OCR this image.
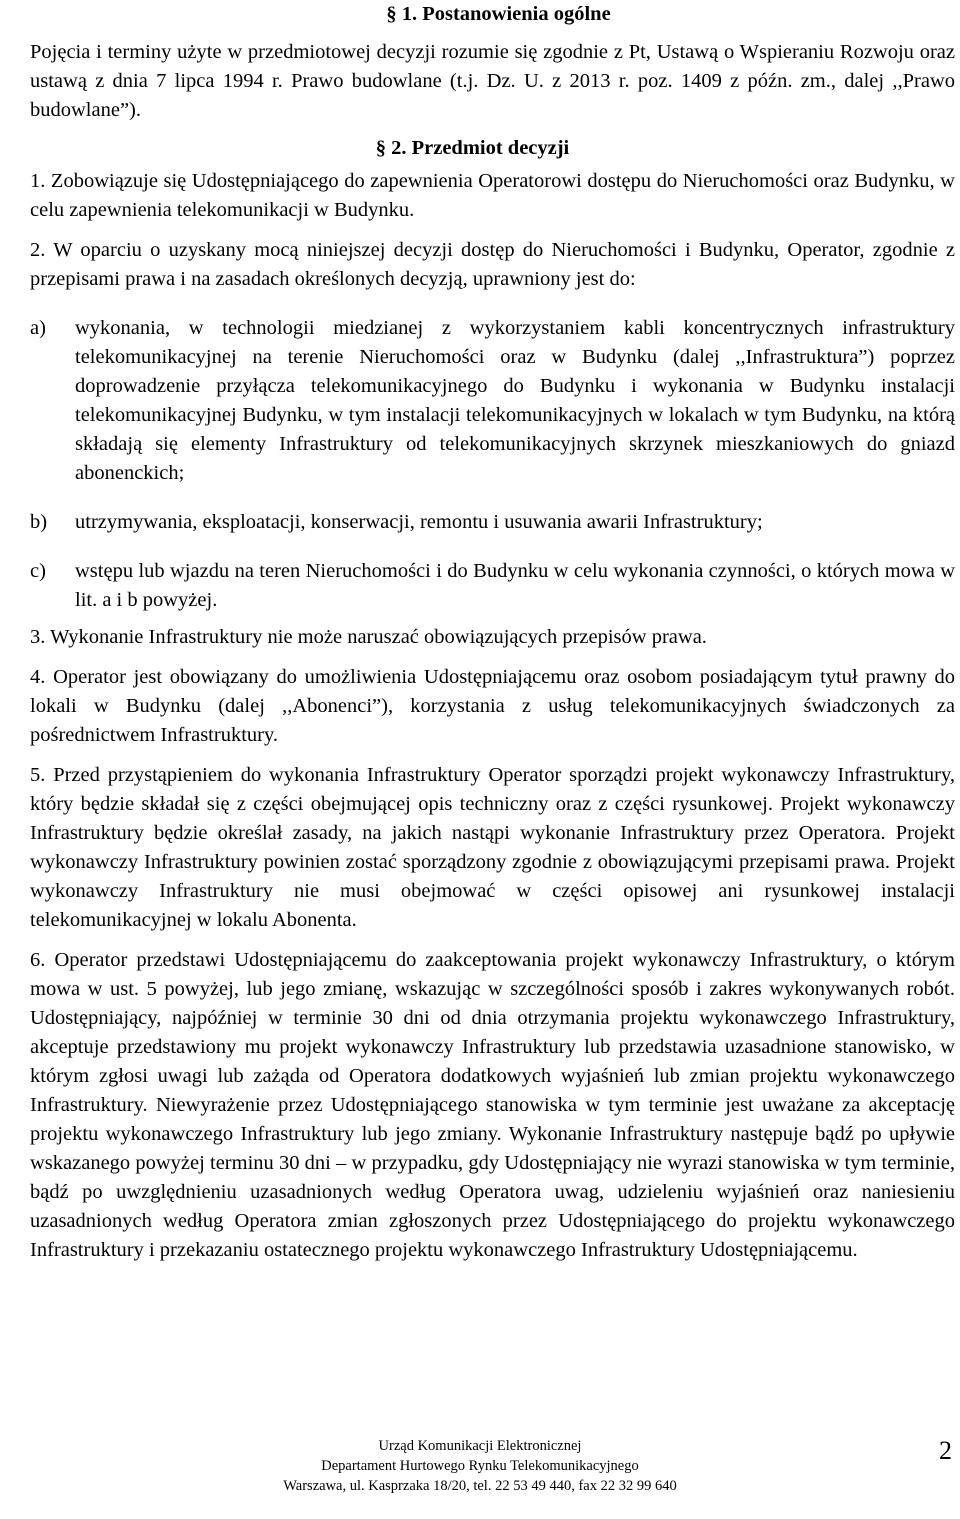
§ 1. Postanowienia ogólne

Pojęcia i terminy użyte w przedmiotowej decyzji rozumie się zgodnie z Pt, Ustawą o Wspieraniu Rozwoju oraz ustawą z dnia 7 lipca 1994 r. Prawo budowlane (t.j. Dz. U. z 2013 r. poz. 1409 z późn. zm., dalej ,,Prawo budowlane”).

§ 2. Przedmiot decyzji

1. Zobowiązuje się Udostępniającego do zapewnienia Operatorowi dostępu do Nieruchomości oraz Budynku, w celu zapewnienia telekomunikacji w Budynku.

2. W oparciu o uzyskany mocą niniejszej decyzji dostęp do Nieruchomości i Budynku, Operator, zgodnie z przepisami prawa i na zasadach określonych decyzją, uprawniony jest do:

a)	wykonania, w technologii miedzianej z wykorzystaniem kabli koncentrycznych infrastruktury telekomunikacyjnej na terenie Nieruchomości oraz w Budynku (dalej ,,Infrastruktura”) poprzez doprowadzenie przyłącza telekomunikacyjnego do Budynku i wykonania w Budynku instalacji telekomunikacyjnej Budynku, w tym instalacji telekomunikacyjnych w lokalach w tym Budynku, na którą składają się elementy Infrastruktury od telekomunikacyjnych skrzynek mieszkaniowych do gniazd abonenckich;
b)	utrzymywania, eksploatacji, konserwacji, remontu i usuwania awarii Infrastruktury;
c)	wstępu lub wjazdu na teren Nieruchomości i do Budynku w celu wykonania czynności, o których mowa w lit. a i b powyżej.

3. Wykonanie Infrastruktury nie może naruszać obowiązujących przepisów prawa.

4. Operator jest obowiązany do umożliwienia Udostępniającemu oraz osobom posiadającym tytuł prawny do lokali w Budynku (dalej ,,Abonenci”), korzystania z usług telekomunikacyjnych świadczonych za pośrednictwem Infrastruktury.

5. Przed przystąpieniem do wykonania Infrastruktury Operator sporządzi projekt wykonawczy Infrastruktury, który będzie składał się z części obejmującej opis techniczny oraz z części rysunkowej. Projekt wykonawczy Infrastruktury będzie określał zasady, na jakich nastąpi wykonanie Infrastruktury przez Operatora. Projekt wykonawczy Infrastruktury powinien zostać sporządzony zgodnie z obowiązującymi przepisami prawa. Projekt wykonawczy Infrastruktury nie musi obejmować w części opisowej ani rysunkowej instalacji telekomunikacyjnej w lokalu Abonenta.

6. Operator przedstawi Udostępniającemu do zaakceptowania projekt wykonawczy Infrastruktury, o którym mowa w ust. 5 powyżej, lub jego zmianę, wskazując w szczególności sposób i zakres wykonywanych robót. Udostępniający, najpóźniej w terminie 30 dni od dnia otrzymania projektu wykonawczego Infrastruktury, akceptuje przedstawiony mu projekt wykonawczy Infrastruktury lub przedstawia uzasadnione stanowisko, w którym zgłosi uwagi lub zażąda od Operatora dodatkowych wyjaśnień lub zmian projektu wykonawczego Infrastruktury. Niewyrażenie przez Udostępniającego stanowiska w tym terminie jest uważane za akceptację projektu wykonawczego Infrastruktury lub jego zmiany. Wykonanie Infrastruktury następuje bądź po upływie wskazanego powyżej terminu 30 dni – w przypadku, gdy Udostępniający nie wyrazi stanowiska w tym terminie, bądź po uwzględnieniu uzasadnionych według Operatora uwag, udzieleniu wyjaśnień oraz naniesieniu uzasadnionych według Operatora zmian zgłoszonych przez Udostępniającego do projektu wykonawczego Infrastruktury i przekazaniu ostatecznego projektu wykonawczego Infrastruktury Udostępniającemu.

Urząd Komunikacji Elektronicznej
Departament Hurtowego Rynku Telekomunikacyjnego
Warszawa, ul. Kasprzaka 18/20, tel. 22 53 49 440, fax 22 32 99 640
2
